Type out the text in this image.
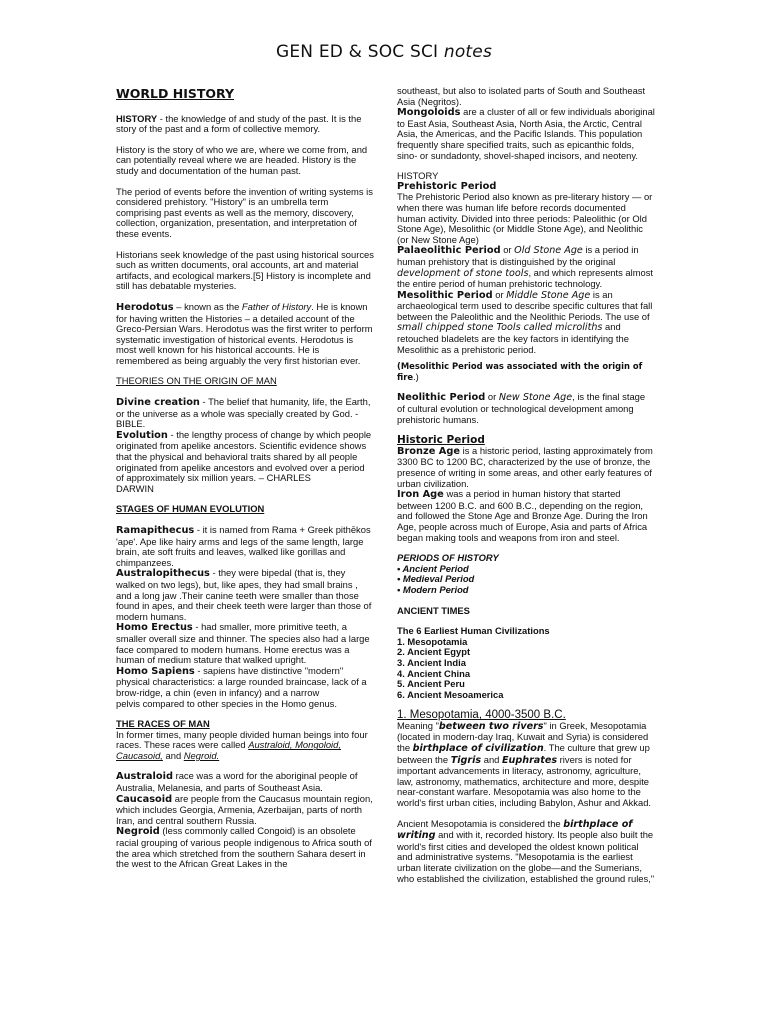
GEN ED & SOC SCI notes
WORLD HISTORY

HISTORY - the knowledge of and study of the past. It is the story of the past and a form of collective memory.

History is the story of who we are, where we come from, and can potentially reveal where we are headed. History is the study and documentation of the human past.

The period of events before the invention of writing systems is considered prehistory. "History" is an umbrella term comprising past events as well as the memory, discovery, collection, organization, presentation, and interpretation of these events.

Historians seek knowledge of the past using historical sources such as written documents, oral accounts, art and material artifacts, and ecological markers.[5] History is incomplete and still has debatable mysteries.

Herodotus – known as the Father of History. He is known for having written the Histories – a detailed account of the Greco-Persian Wars. Herodotus was the first writer to perform systematic investigation of historical events. Herodotus is most well known for his historical accounts. He is remembered as being arguably the very first historian ever.

THEORIES ON THE ORIGIN OF MAN

Divine creation - The belief that humanity, life, the Earth, or the universe as a whole was specially created by God. - BIBLE.

Evolution - the lengthy process of change by which people originated from apelike ancestors. Scientific evidence shows that the physical and behavioral traits shared by all people originated from apelike ancestors and evolved over a period of approximately six million years. – CHARLES

DARWIN

STAGES OF HUMAN EVOLUTION

Ramapithecus - it is named from Rama + Greek pithēkos 'ape'. Ape like hairy arms and legs of the same length, large brain, ate soft fruits and leaves, walked like gorillas and chimpanzees.

Australopithecus - they were bipedal (that is, they walked on two legs), but, like apes, they had small brains , and a long jaw .Their canine teeth were smaller than those found in apes, and their cheek teeth were larger than those of modern humans.

Homo Erectus - had smaller, more primitive teeth, a smaller overall size and thinner. The species also had a large face compared to modern humans. Home erectus was a human of medium stature that walked upright.

Homo Sapiens - sapiens have distinctive "modern" physical characteristics: a large rounded braincase, lack of a brow-ridge, a chin (even in infancy) and a narrow

pelvis compared to other species in the Homo genus.

THE RACES OF MAN

In former times, many people divided human beings into four races. These races were called Australoid, Mongoloid, Caucasoid, and Negroid.

Australoid race was a word for the aboriginal people of Australia, Melanesia, and parts of Southeast Asia.

Caucasoid are people from the Caucasus mountain region, which includes Georgia, Armenia, Azerbaijan, parts of north Iran, and central southern Russia.

Negroid (less commonly called Congoid) is an obsolete racial grouping of various people indigenous to Africa south of the area which stretched from the southern Sahara desert in the west to the African Great Lakes in the

southeast, but also to isolated parts of South and Southeast

Asia (Negritos).

Mongoloids are a cluster of all or few individuals aboriginal to East Asia, Southeast Asia, North Asia, the Arctic, Central Asia, the Americas, and the Pacific Islands. This population frequently share specified traits, such as epicanthic folds, sino- or sundadonty, shovel-shaped incisors, and neoteny.

HISTORY

Prehistoric Period

The Prehistoric Period also known as pre-literary history — or when there was human life before records documented human activity. Divided into three periods: Paleolithic (or Old Stone Age), Mesolithic (or Middle Stone Age), and Neolithic (or New Stone Age)

Palaeolithic Period or Old Stone Age is a period in human prehistory that is distinguished by the original development of stone tools, and which represents almost the entire period of human prehistoric technology.

Mesolithic Period or Middle Stone Age is an archaeological term used to describe specific cultures that fall between the Paleolithic and the Neolithic Periods. The use of small chipped stone Tools called microliths and retouched bladelets are the key factors in identifying the Mesolithic as a prehistoric period.

(Mesolithic Period was associated with the origin of fire.)

Neolithic Period or New Stone Age, is the final stage of cultural evolution or technological development among prehistoric humans.

Historic Period

Bronze Age is a historic period, lasting approximately from 3300 BC to 1200 BC, characterized by the use of bronze, the presence of writing in some areas, and other early features of urban civilization.

Iron Age was a period in human history that started between 1200 B.C. and 600 B.C., depending on the region, and followed the Stone Age and Bronze Age. During the Iron Age, people across much of Europe, Asia and parts of Africa began making tools and weapons from iron and steel.

PERIODS OF HISTORY

• Ancient Period

• Medieval Period

• Modern Period

ANCIENT TIMES

The 6 Earliest Human Civilizations

1. Mesopotamia

2. Ancient Egypt

3. Ancient India

4. Ancient China

5. Ancient Peru

6. Ancient Mesoamerica

1. Mesopotamia, 4000-3500 B.C.

Meaning "between two rivers" in Greek, Mesopotamia (located in modern-day Iraq, Kuwait and Syria) is considered the birthplace of civilization. The culture that grew up between the Tigris and Euphrates rivers is noted for important advancements in literacy, astronomy, agriculture, law, astronomy, mathematics, architecture and more, despite near-constant warfare. Mesopotamia was also home to the world's first urban cities, including Babylon, Ashur and Akkad.

Ancient Mesopotamia is considered the birthplace of writing and with it, recorded history. Its people also built the world's first cities and developed the oldest known political and administrative systems. "Mesopotamia is the earliest urban literate civilization on the globe—and the Sumerians, who established the civilization, established the ground rules,"
